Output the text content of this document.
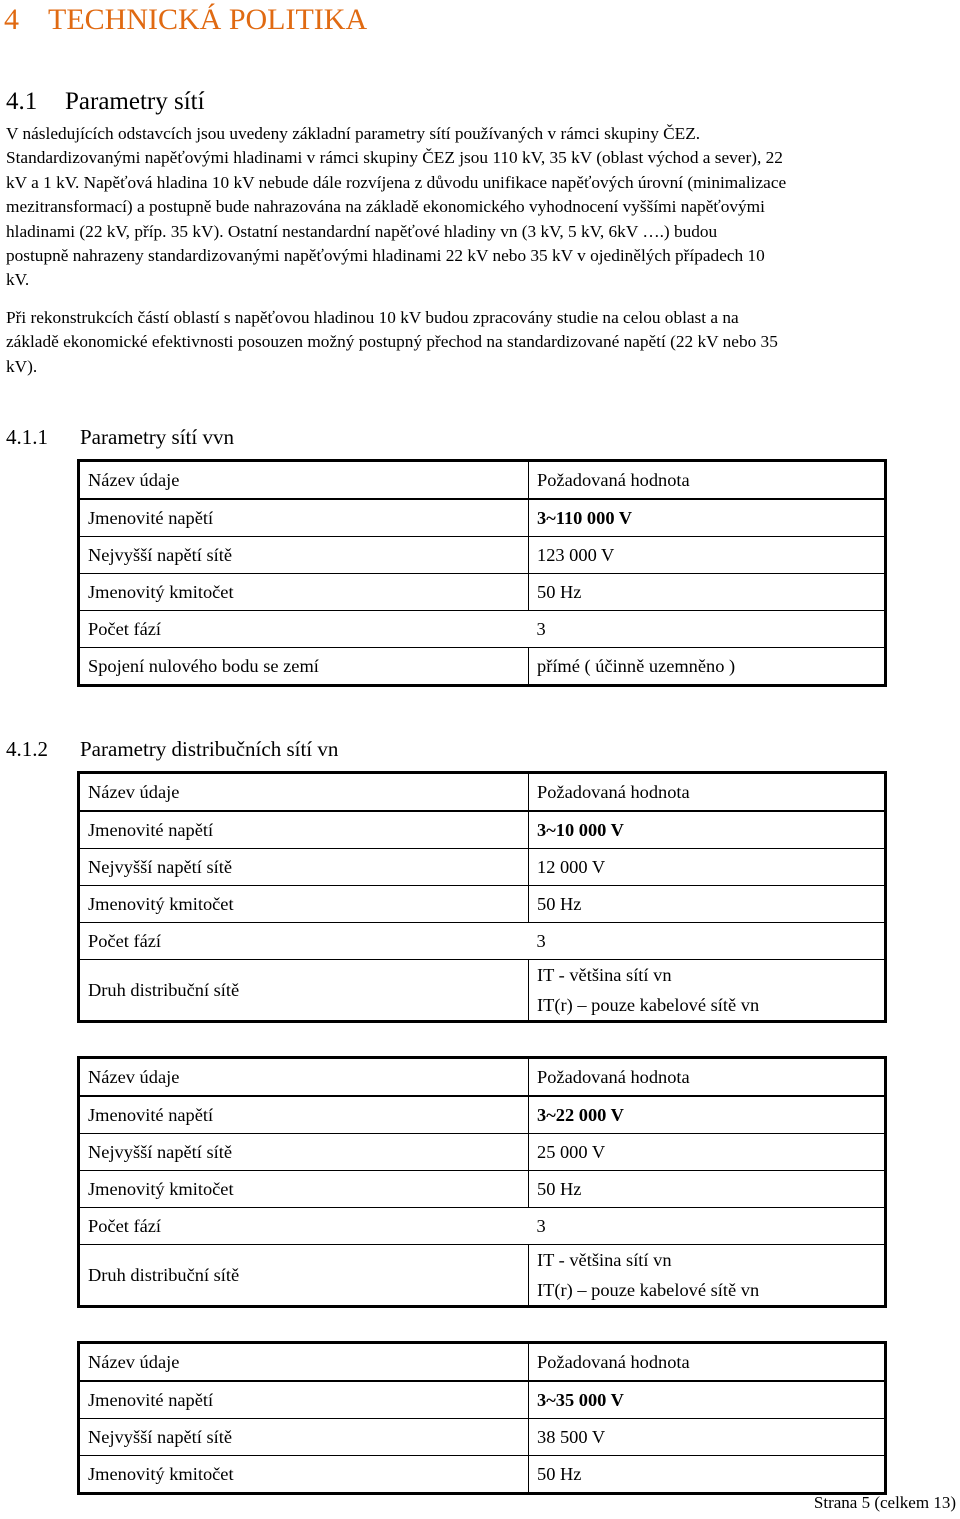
4 TECHNICKÁ POLITIKA
4.1 Parametry sítí
V následujících odstavcích jsou uvedeny základní parametry sítí používaných v rámci skupiny ČEZ.
Standardizovanými napěťovými hladinami v rámci skupiny ČEZ jsou 110 kV, 35 kV (oblast východ a sever), 22
kV a 1 kV. Napěťová hladina 10 kV nebude dále rozvíjena z důvodu unifikace napěťových úrovní (minimalizace
mezitransformací) a postupně bude nahrazována na základě ekonomického vyhodnocení vyššími napěťovými
hladinami (22 kV, příp. 35 kV). Ostatní nestandardní napěťové hladiny vn (3 kV, 5 kV, 6kV ….) budou
postupně nahrazeny standardizovanými napěťovými hladinami 22 kV nebo 35 kV v ojedinělých případech 10
kV.
Při rekonstrukcích částí oblastí s napěťovou hladinou 10 kV budou zpracovány studie na celou oblast a na
základě ekonomické efektivnosti posouzen možný postupný přechod na standardizované napětí (22 kV nebo 35
kV).
4.1.1 Parametry sítí vvn
Název údaje	Požadovaná hodnota
Jmenovité napětí	3~110 000 V
Nejvyšší napětí sítě	123 000 V
Jmenovitý kmitočet	50 Hz
Počet fází	3
Spojení nulového bodu se zemí	přímé ( účinně uzemněno )
4.1.2 Parametry distribučních sítí vn
Název údaje	Požadovaná hodnota
Jmenovité napětí	3~10 000 V
Nejvyšší napětí sítě	12 000 V
Jmenovitý kmitočet	50 Hz
Počet fází	3
Druh distribuční sítě	IT - většina sítí vn
IT(r) – pouze kabelové sítě vn
Název údaje	Požadovaná hodnota
Jmenovité napětí	3~22 000 V
Nejvyšší napětí sítě	25 000 V
Jmenovitý kmitočet	50 Hz
Počet fází	3
Druh distribuční sítě	IT - většina sítí vn
IT(r) – pouze kabelové sítě vn
Název údaje	Požadovaná hodnota
Jmenovité napětí	3~35 000 V
Nejvyšší napětí sítě	38 500 V
Jmenovitý kmitočet	50 Hz
Strana 5 (celkem 13)
